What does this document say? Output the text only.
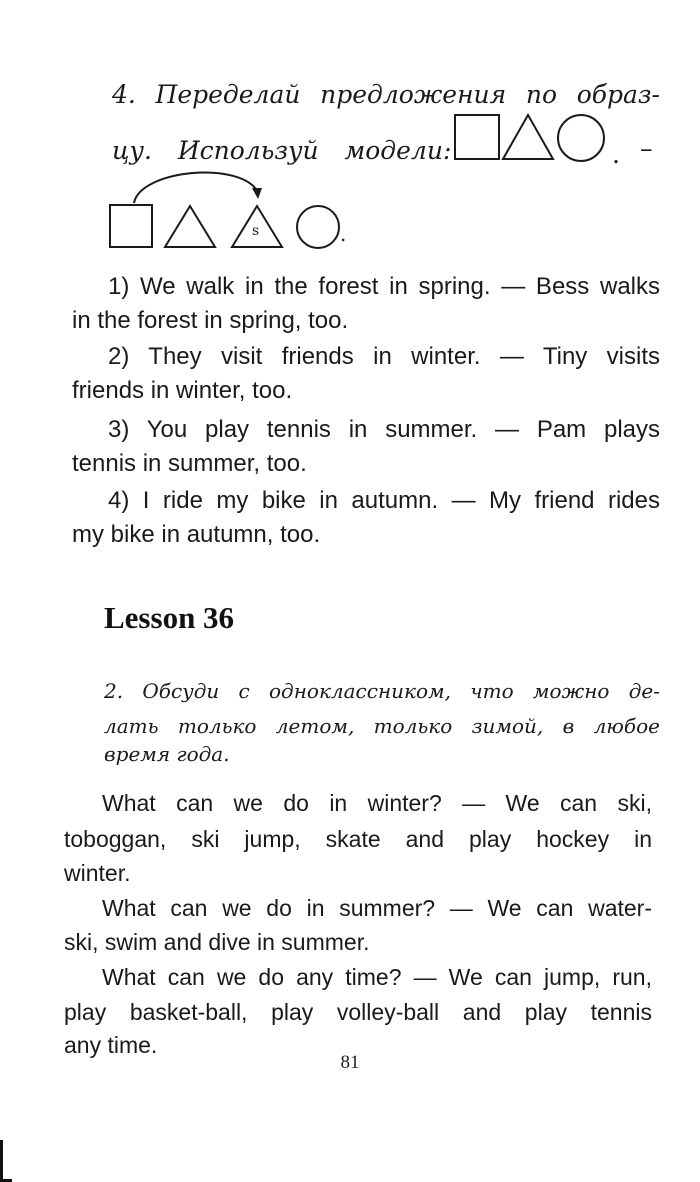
4. Переделай предложения по образ-
цу. Используй модели:
s
. –
.
1) We walk in the forest in spring. — Bess walks
in the forest in spring, too.
2) They visit friends in winter. — Tiny visits
friends in winter, too.
3) You play tennis in summer. — Pam plays
tennis in summer, too.
4) I ride my bike in autumn. — My friend rides
my bike in autumn, too.
Lesson 36
2. Обсуди с одноклассником, что можно де-
лать только летом, только зимой, в любое
время года.
What can we do in winter? — We can ski,
toboggan, ski jump, skate and play hockey in
winter.
What can we do in summer? — We can water-
ski, swim and dive in summer.
What can we do any time? — We can jump, run,
play basket-ball, play volley-ball and play tennis
any time.
81
